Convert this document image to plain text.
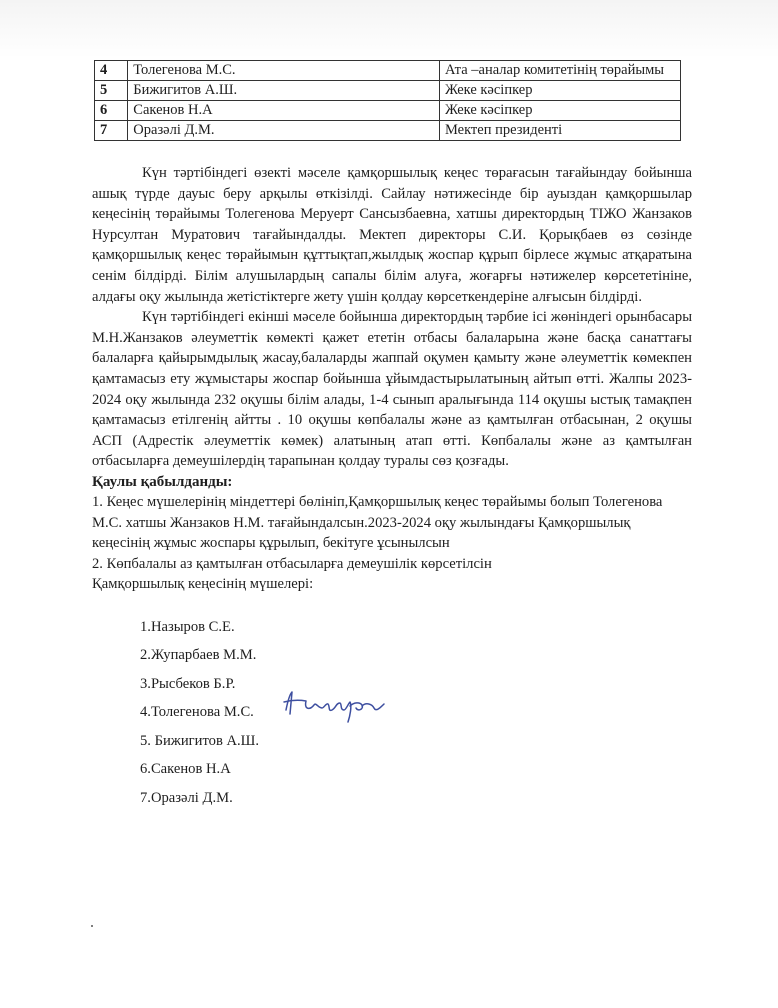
4	Толегенова М.С.	Ата –аналар комитетінің төрайымы
5	Бижигитов А.Ш.	Жеке кәсіпкер
6	Сакенов Н.А	Жеке кәсіпкер
7	Оразәлі Д.М.	Мектеп президенті

Күн тәртібіндегі өзекті мәселе қамқоршылық кеңес төрағасын тағайындау бойынша ашық түрде дауыс беру арқылы өткізілді. Сайлау нәтижесінде бір ауыздан қамқоршылар кеңесінің төрайымы Толегенова Меруерт Сансызбаевна, хатшы директордың ТІЖО Жанзаков Нурсултан Муратович тағайындалды. Мектеп директоры С.И. Қорықбаев өз сөзінде қамқоршылық кеңес төрайымын құттықтап,жылдық жоспар құрып бірлесе жұмыс атқаратына сенім білдірді. Білім алушылардың сапалы білім алуға, жоғарғы нәтижелер көрсететініне, алдағы оқу жылында жетістіктерге жету үшін қолдау көрсеткендеріне алғысын білдірді.

Күн тәртібіндегі екінші мәселе бойынша директордың тәрбие ісі жөніндегі орынбасары М.Н.Жанзаков әлеуметтік көмекті қажет ететін отбасы балаларына және басқа санаттағы балаларға қайырымдылық жасау,балаларды жаппай оқумен қамыту және әлеуметтік көмекпен қамтамасыз ету жұмыстары жоспар бойынша ұйымдастырылатының айтып өтті. Жалпы 2023-2024 оқу жылында 232 оқушы білім алады, 1-4 сынып аралығында 114 оқушы ыстық тамақпен қамтамасыз етілгенің айтты . 10 оқушы көпбалалы және аз қамтылған отбасынан, 2 оқушы АСП (Адрестік әлеуметтік көмек) алатының атап өтті. Көпбалалы және аз қамтылған отбасыларға демеушілердің тарапынан қолдау туралы сөз қозғады.

Қаулы қабылданды:

1. Кеңес мүшелерінің міндеттері бөлініп,Қамқоршылық кеңес төрайымы болып Толегенова М.С. хатшы Жанзаков Н.М. тағайындалсын.2023-2024 оқу жылындағы Қамқоршылық кеңесінің жұмыс жоспары құрылып, бекітуге ұсынылсын

2. Көпбалалы аз қамтылған отбасыларға демеушілік көрсетілсін

Қамқоршылық кеңесінің мүшелері:

1.Назыров С.Е.
2.Жупарбаев М.М.
3.Рысбеков Б.Р.
4.Толегенова М.С.
5. Бижигитов А.Ш.
6.Сакенов Н.А
7.Оразәлі Д.М.
